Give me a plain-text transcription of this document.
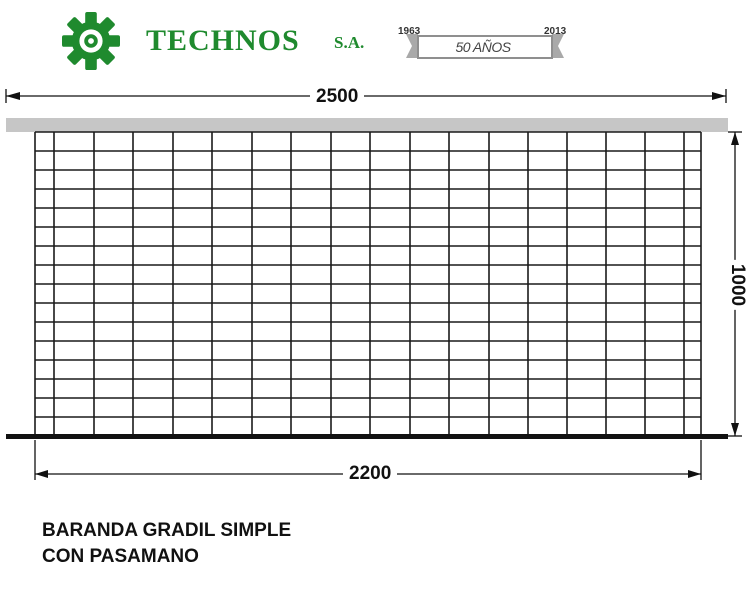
TECHNOS S.A.
1963	2013
50 AÑOS
2500
2200
1000
BARANDA GRADIL SIMPLE
CON PASAMANO
